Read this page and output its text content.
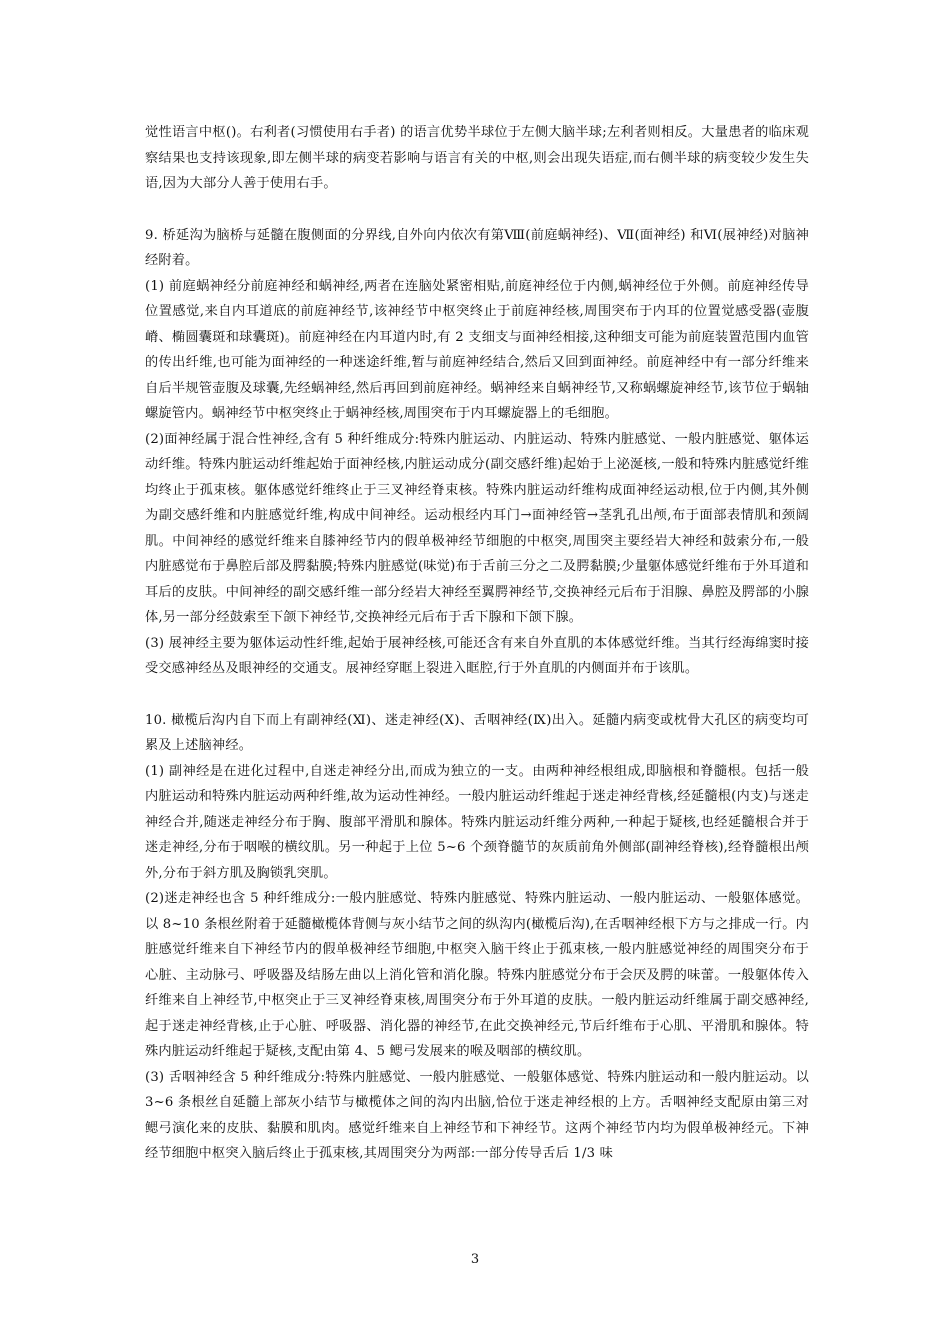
觉性语言中枢()。右利者(习惯使用右手者) 的语言优势半球位于左侧大脑半球;左利者则相反。大量患者的临床观察结果也支持该现象,即左侧半球的病变若影响与语言有关的中枢,则会出现失语症,而右侧半球的病变较少发生失语,因为大部分人善于使用右手。

9. 桥延沟为脑桥与延髓在腹侧面的分界线,自外向内依次有第Ⅷ(前庭蜗神经)、Ⅶ(面神经) 和Ⅵ(展神经)对脑神经附着。

(1) 前庭蜗神经分前庭神经和蜗神经,两者在连脑处紧密相贴,前庭神经位于内侧,蜗神经位于外侧。前庭神经传导位置感觉,来自内耳道底的前庭神经节,该神经节中枢突终止于前庭神经核,周围突布于内耳的位置觉感受器(壶腹嵴、椭圆囊斑和球囊斑)。前庭神经在内耳道内时,有 2 支细支与面神经相接,这种细支可能为前庭装置范围内血管的传出纤维,也可能为面神经的一种迷途纤维,暂与前庭神经结合,然后又回到面神经。前庭神经中有一部分纤维来自后半规管壶腹及球囊,先经蜗神经,然后再回到前庭神经。蜗神经来自蜗神经节,又称蜗螺旋神经节,该节位于蜗轴螺旋管内。蜗神经节中枢突终止于蜗神经核,周围突布于内耳螺旋器上的毛细胞。

(2)面神经属于混合性神经,含有 5 种纤维成分:特殊内脏运动、内脏运动、特殊内脏感觉、一般内脏感觉、躯体运动纤维。特殊内脏运动纤维起始于面神经核,内脏运动成分(副交感纤维)起始于上泌涎核,一般和特殊内脏感觉纤维均终止于孤束核。躯体感觉纤维终止于三叉神经脊束核。特殊内脏运动纤维构成面神经运动根,位于内侧,其外侧为副交感纤维和内脏感觉纤维,构成中间神经。运动根经内耳门→面神经管→茎乳孔出颅,布于面部表情肌和颈阔肌。中间神经的感觉纤维来自膝神经节内的假单极神经节细胞的中枢突,周围突主要经岩大神经和鼓索分布,一般内脏感觉布于鼻腔后部及腭黏膜;特殊内脏感觉(味觉)布于舌前三分之二及腭黏膜;少量躯体感觉纤维布于外耳道和耳后的皮肤。中间神经的副交感纤维一部分经岩大神经至翼腭神经节,交换神经元后布于泪腺、鼻腔及腭部的小腺体,另一部分经鼓索至下颌下神经节,交换神经元后布于舌下腺和下颌下腺。

(3) 展神经主要为躯体运动性纤维,起始于展神经核,可能还含有来自外直肌的本体感觉纤维。当其行经海绵窦时接受交感神经丛及眼神经的交通支。展神经穿眶上裂进入眶腔,行于外直肌的内侧面并布于该肌。

10. 橄榄后沟内自下而上有副神经(Ⅺ)、迷走神经(Ⅹ)、舌咽神经(Ⅸ)出入。延髓内病变或枕骨大孔区的病变均可累及上述脑神经。

(1) 副神经是在进化过程中,自迷走神经分出,而成为独立的一支。由两种神经根组成,即脑根和脊髓根。包括一般内脏运动和特殊内脏运动两种纤维,故为运动性神经。一般内脏运动纤维起于迷走神经背核,经延髓根(内支)与迷走神经合并,随迷走神经分布于胸、腹部平滑肌和腺体。特殊内脏运动纤维分两种,一种起于疑核,也经延髓根合并于迷走神经,分布于咽喉的横纹肌。另一种起于上位 5~6 个颈脊髓节的灰质前角外侧部(副神经脊核),经脊髓根出颅外,分布于斜方肌及胸锁乳突肌。

(2)迷走神经也含 5 种纤维成分:一般内脏感觉、特殊内脏感觉、特殊内脏运动、一般内脏运动、一般躯体感觉。以 8~10 条根丝附着于延髓橄榄体背侧与灰小结节之间的纵沟内(橄榄后沟),在舌咽神经根下方与之排成一行。内脏感觉纤维来自下神经节内的假单极神经节细胞,中枢突入脑干终止于孤束核,一般内脏感觉神经的周围突分布于心脏、主动脉弓、呼吸器及结肠左曲以上消化管和消化腺。特殊内脏感觉分布于会厌及腭的味蕾。一般躯体传入纤维来自上神经节,中枢突止于三叉神经脊束核,周围突分布于外耳道的皮肤。一般内脏运动纤维属于副交感神经,起于迷走神经背核,止于心脏、呼吸器、消化器的神经节,在此交换神经元,节后纤维布于心肌、平滑肌和腺体。特殊内脏运动纤维起于疑核,支配由第 4、5 鳃弓发展来的喉及咽部的横纹肌。

(3) 舌咽神经含 5 种纤维成分:特殊内脏感觉、一般内脏感觉、一般躯体感觉、特殊内脏运动和一般内脏运动。以 3~6 条根丝自延髓上部灰小结节与橄榄体之间的沟内出脑,恰位于迷走神经根的上方。舌咽神经支配原由第三对鳃弓演化来的皮肤、黏膜和肌肉。感觉纤维来自上神经节和下神经节。这两个神经节内均为假单极神经元。下神经节细胞中枢突入脑后终止于孤束核,其周围突分为两部:一部分传导舌后 1/3 味

3
